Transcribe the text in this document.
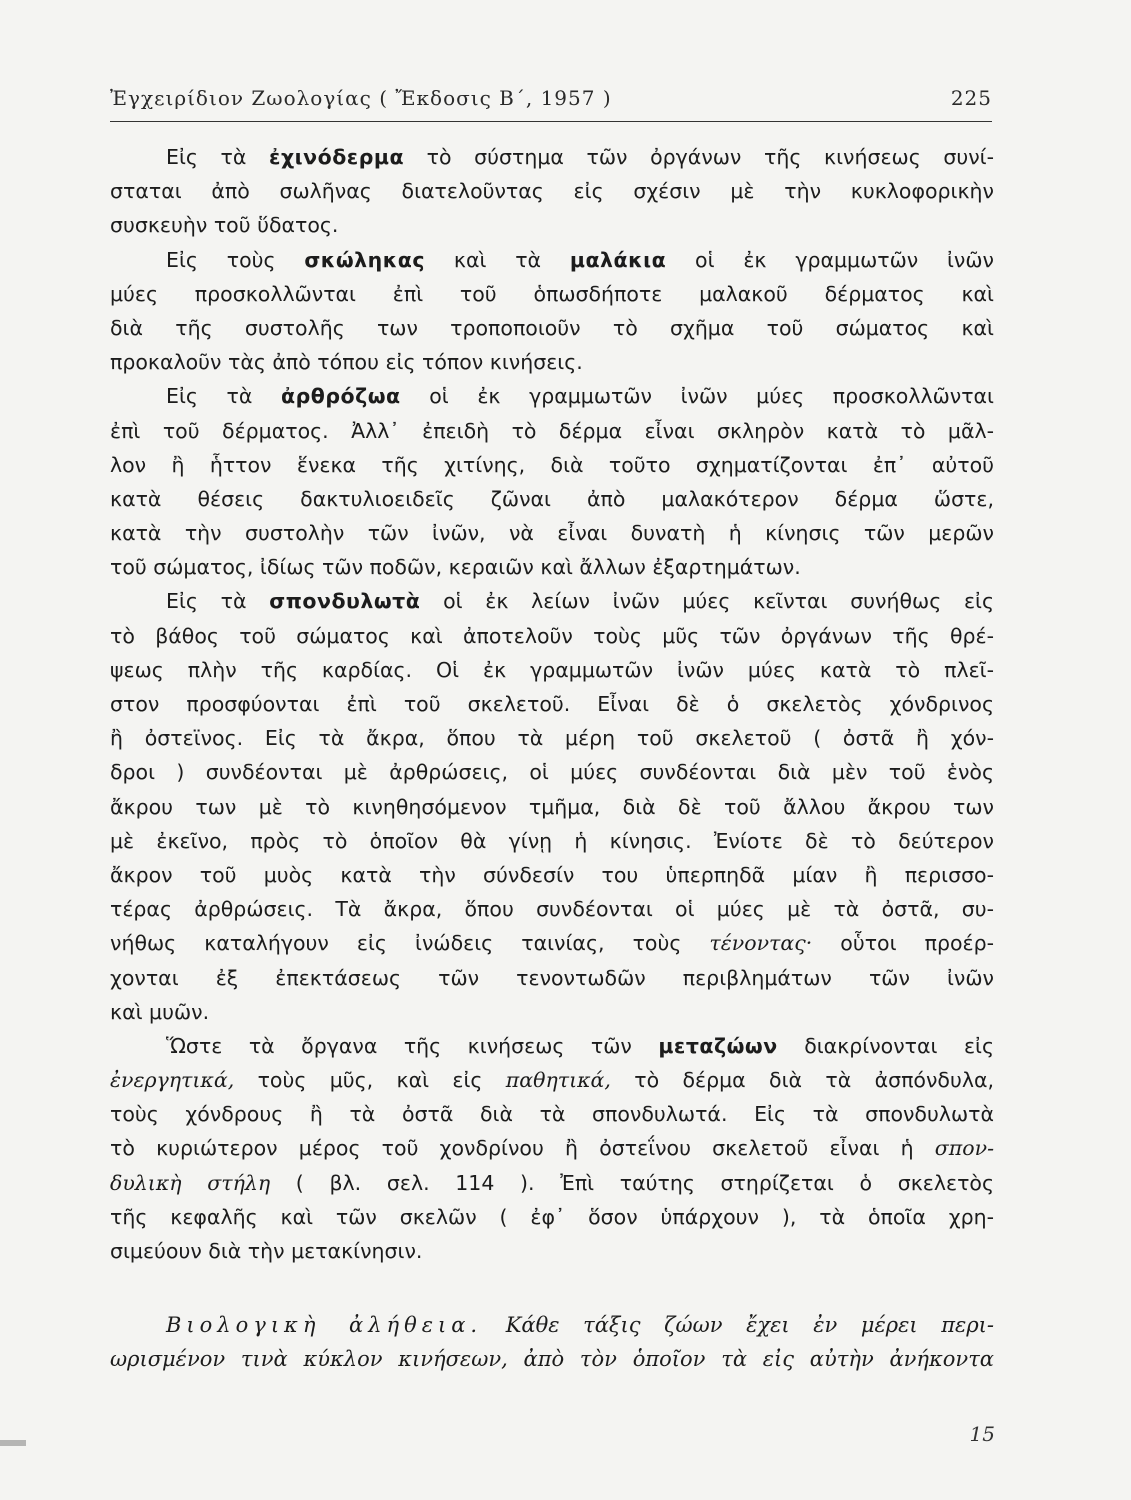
Ἐγχειρίδιον Ζωολογίας ( Ἔκδοσις Β΄, 1957 )	225
Εἰς τὰ ἐχινόδερμα τὸ σύστημα τῶν ὀργάνων τῆς κινήσεως συνί-
σταται ἀπὸ σωλῆνας διατελοῦντας εἰς σχέσιν μὲ τὴν κυκλοφορικὴν
συσκευὴν τοῦ ὕδατος.
Εἰς τοὺς σκώληκας καὶ τὰ μαλάκια οἱ ἐκ γραμμωτῶν ἰνῶν
μύες προσκολλῶνται ἐπὶ τοῦ ὁπωσδήποτε μαλακοῦ δέρματος καὶ
διὰ τῆς συστολῆς των τροποποιοῦν τὸ σχῆμα τοῦ σώματος καὶ
προκαλοῦν τὰς ἀπὸ τόπου εἰς τόπον κινήσεις.
Εἰς τὰ ἀρθρόζωα οἱ ἐκ γραμμωτῶν ἰνῶν μύες προσκολλῶνται
ἐπὶ τοῦ δέρματος. Ἀλλ᾽ ἐπειδὴ τὸ δέρμα εἶναι σκληρὸν κατὰ τὸ μᾶλ-
λον ἢ ἧττον ἕνεκα τῆς χιτίνης, διὰ τοῦτο σχηματίζονται ἐπ᾽ αὐτοῦ
κατὰ θέσεις δακτυλιοειδεῖς ζῶναι ἀπὸ μαλακότερον δέρμα ὥστε,
κατὰ τὴν συστολὴν τῶν ἰνῶν, νὰ εἶναι δυνατὴ ἡ κίνησις τῶν μερῶν
τοῦ σώματος, ἰδίως τῶν ποδῶν, κεραιῶν καὶ ἄλλων ἐξαρτημάτων.
Εἰς τὰ σπονδυλωτὰ οἱ ἐκ λείων ἰνῶν μύες κεῖνται συνήθως εἰς
τὸ βάθος τοῦ σώματος καὶ ἀποτελοῦν τοὺς μῦς τῶν ὀργάνων τῆς θρέ-
ψεως πλὴν τῆς καρδίας. Οἱ ἐκ γραμμωτῶν ἰνῶν μύες κατὰ τὸ πλεῖ-
στον προσφύονται ἐπὶ τοῦ σκελετοῦ. Εἶναι δὲ ὁ σκελετὸς χόνδρινος
ἢ ὀστεϊνος. Εἰς τὰ ἄκρα, ὅπου τὰ μέρη τοῦ σκελετοῦ ( ὀστᾶ ἢ χόν-
δροι ) συνδέονται μὲ ἀρθρώσεις, οἱ μύες συνδέονται διὰ μὲν τοῦ ἑνὸς
ἄκρου των μὲ τὸ κινηθησόμενον τμῆμα, διὰ δὲ τοῦ ἄλλου ἄκρου των
μὲ ἐκεῖνο, πρὸς τὸ ὁποῖον θὰ γίνῃ ἡ κίνησις. Ἐνίοτε δὲ τὸ δεύτερον
ἄκρον τοῦ μυὸς κατὰ τὴν σύνδεσίν του ὑπερπηδᾶ μίαν ἢ περισσο-
τέρας ἀρθρώσεις. Τὰ ἄκρα, ὅπου συνδέονται οἱ μύες μὲ τὰ ὀστᾶ, συ-
νήθως καταλήγουν εἰς ἰνώδεις ταινίας, τοὺς τένοντας· οὗτοι προέρ-
χονται ἐξ ἐπεκτάσεως τῶν τενοντωδῶν περιβλημάτων τῶν ἰνῶν
καὶ μυῶν.
Ὥστε τὰ ὄργανα τῆς κινήσεως τῶν μεταζώων διακρίνονται εἰς
ἐνεργητικά, τοὺς μῦς, καὶ εἰς παθητικά, τὸ δέρμα διὰ τὰ ἀσπόνδυλα,
τοὺς χόνδρους ἢ τὰ ὀστᾶ διὰ τὰ σπονδυλωτά. Εἰς τὰ σπονδυλωτὰ
τὸ κυριώτερον μέρος τοῦ χονδρίνου ἢ ὀστεΐνου σκελετοῦ εἶναι ἡ σπον-
δυλικὴ στήλη ( βλ. σελ. 114 ). Ἐπὶ ταύτης στηρίζεται ὁ σκελετὸς
τῆς κεφαλῆς καὶ τῶν σκελῶν ( ἐφ᾽ ὅσον ὑπάρχουν ), τὰ ὁποῖα χρη-
σιμεύουν διὰ τὴν μετακίνησιν.
Βιολογικὴ ἀλήθεια. Κάθε τάξις ζώων ἔχει ἐν μέρει περι-
ωρισμένον τινὰ κύκλον κινήσεων, ἀπὸ τὸν ὁποῖον τὰ εἰς αὐτὴν ἀνήκοντα
15
